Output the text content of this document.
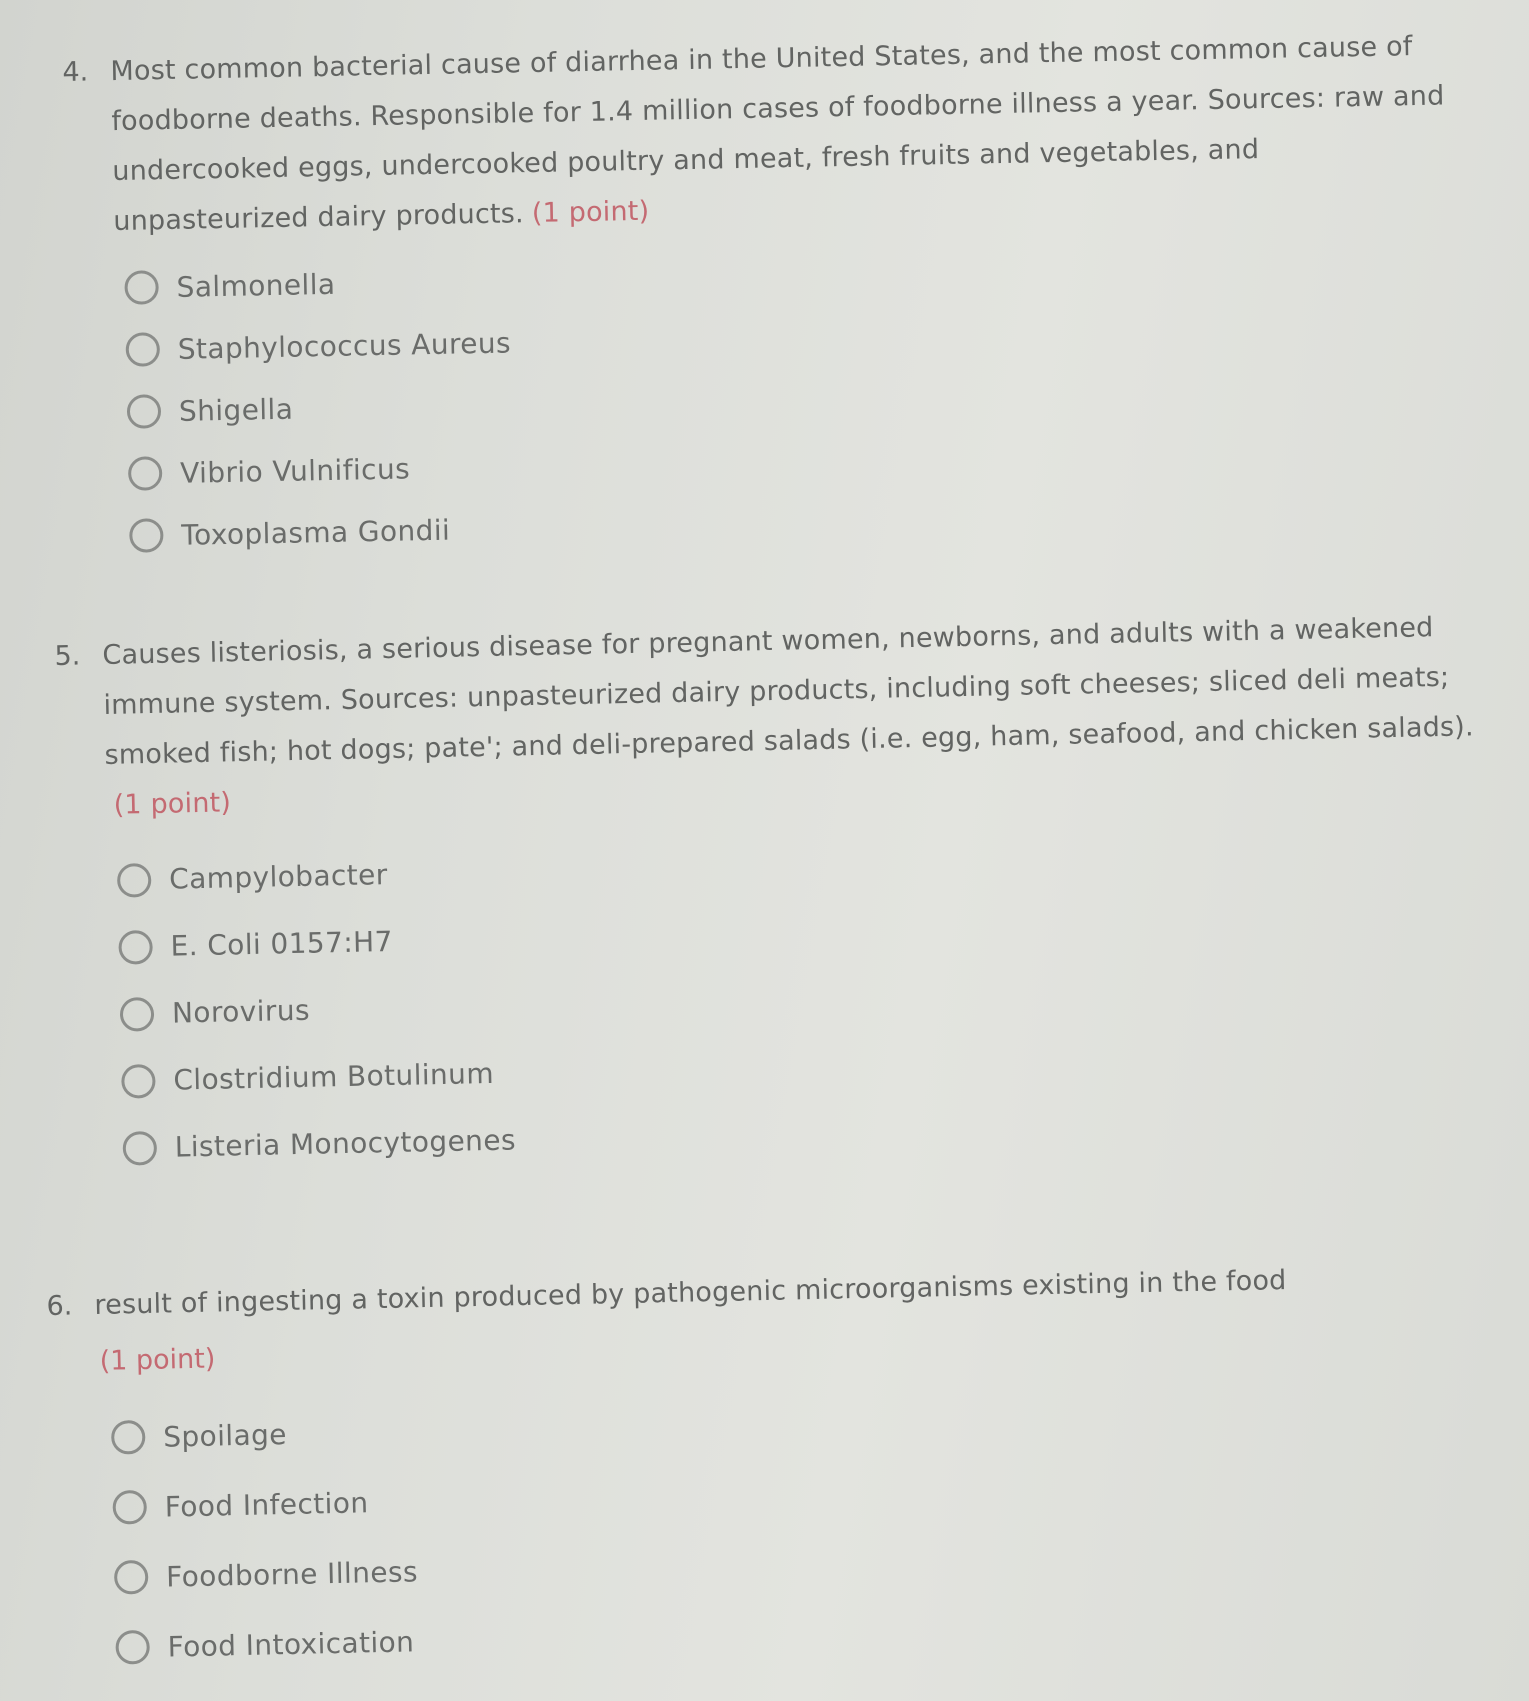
4. Most common bacterial cause of diarrhea in the United States, and the most common cause of foodborne deaths. Responsible for 1.4 million cases of foodborne illness a year. Sources: raw and undercooked eggs, undercooked poultry and meat, fresh fruits and vegetables, and unpasteurized dairy products. (1 point)
Salmonella
Staphylococcus Aureus
Shigella
Vibrio Vulnificus
Toxoplasma Gondii
5. Causes listeriosis, a serious disease for pregnant women, newborns, and adults with a weakened immune system. Sources: unpasteurized dairy products, including soft cheeses; sliced deli meats; smoked fish; hot dogs; pate'; and deli-prepared salads (i.e. egg, ham, seafood, and chicken salads).(1 point)
Campylobacter
E. Coli 0157:H7
Norovirus
Clostridium Botulinum
Listeria Monocytogenes
6. result of ingesting a toxin produced by pathogenic microorganisms existing in the food
(1 point)
Spoilage
Food Infection
Foodborne Illness
Food Intoxication
